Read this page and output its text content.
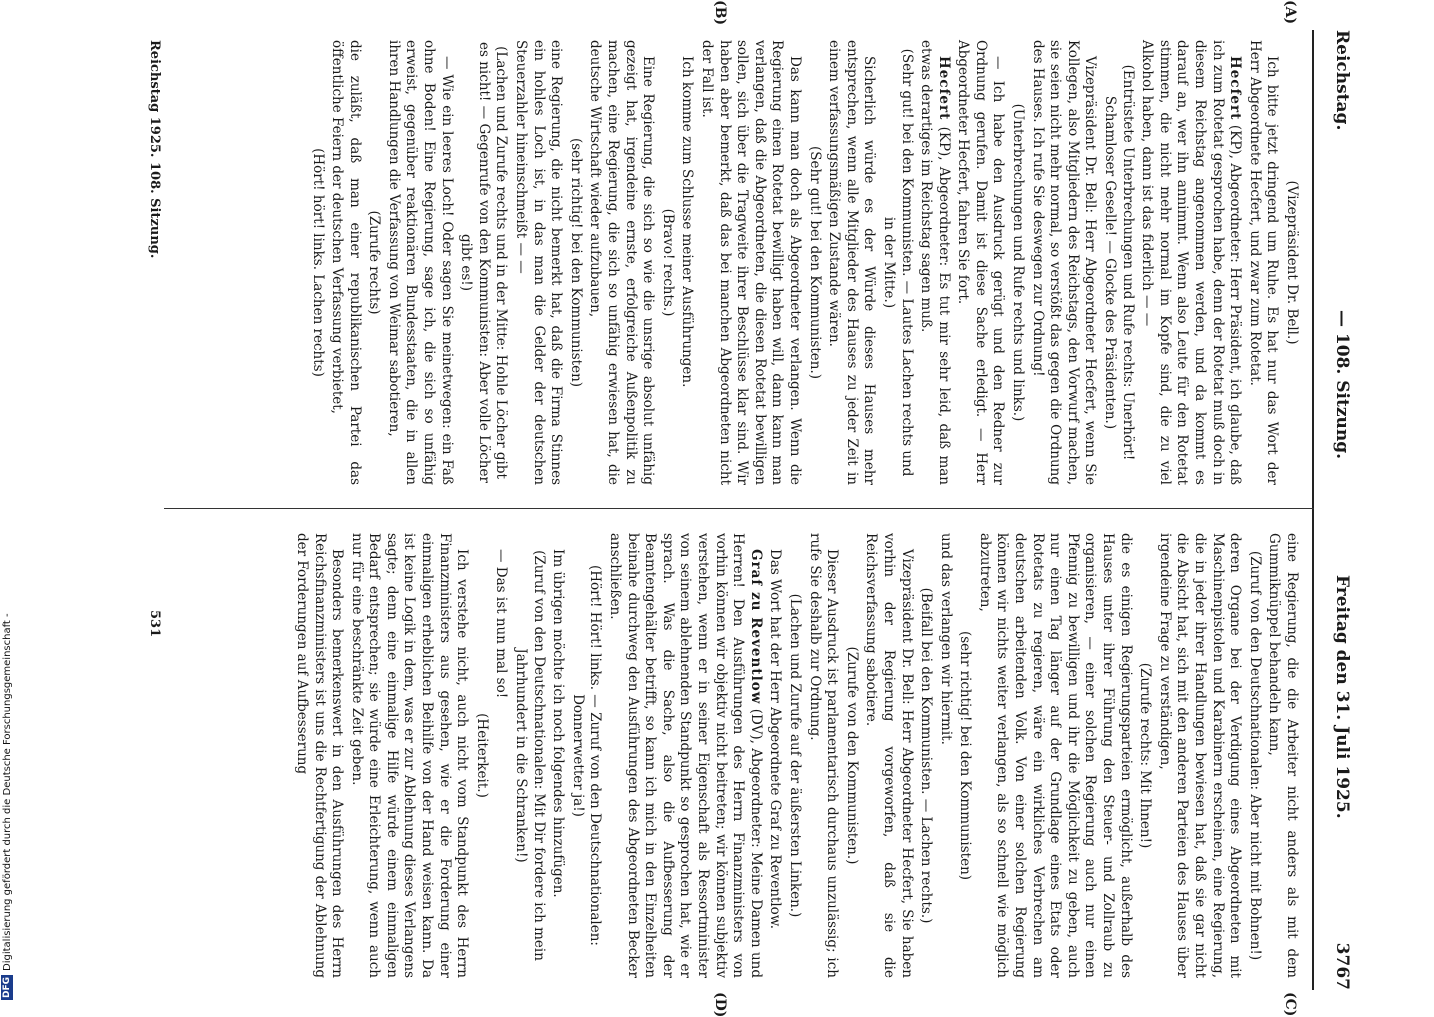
Reichstag.
— 108. Sitzung.
Freitag den 31. Juli 1925.
3767
(A)
(B)
(C)
(D)

(Vizepräsident Dr. Bell.)

Ich bitte jetzt dringend um Ruhe. Es hat nur das Wort der Herr Abgeordnete Hecfert, und zwar zum Rotetat.

Hecfert (KP), Abgeordneter: Herr Präsident, ich glaube, daß ich zum Rotetat gesprochen habe, denn der Rotetat muß doch in diesem Reichstag angenommen werden, und da kommt es darauf an, wer ihn annimmt. Wenn also Leute für den Rotetat stimmen, die nicht mehr normal im Kopfe sind, die zu viel Alkohol haben, dann ist das fiderlich — —

(Entrüstete Unterbrechungen und Rufe rechts: Unerhört! Schamloser Geselle! — Glocke des Präsidenten.)

Vizepräsident Dr. Bell: Herr Abgeordneter Hecfert, wenn Sie Kollegen, also Mitgliedern des Reichstags, den Vorwurf machen, sie seien nicht mehr normal, so verstößt das gegen die Ordnung des Hauses. Ich rufe Sie deswegen zur Ordnung!

(Unterbrechungen und Rufe rechts und links.)

— Ich habe den Ausdruck gerügt und den Redner zur Ordnung gerufen. Damit ist diese Sache erledigt. — Herr Abgeordneter Hecfert, fahren Sie fort.

Hecfert (KP), Abgeordneter: Es tut mir sehr leid, daß man etwas derartiges im Reichstag sagen muß.

(Sehr gut! bei den Kommunisten. — Lautes Lachen rechts und in der Mitte.)

Sicherlich würde es der Würde dieses Hauses mehr entsprechen, wenn alle Mitglieder des Hauses zu jeder Zeit in einem verfassungsmäßigen Zustande wären.

(Sehr gut! bei den Kommunisten.)

Das kann man doch als Abgeordneter verlangen. Wenn die Regierung einen Rotetat bewilligt haben will, dann kann man verlangen, daß die Abgeordneten, die diesen Rotetat bewilligen sollen, sich über die Tragweite ihrer Beschlüsse klar sind. Wir haben aber bemerkt, daß das bei manchen Abgeordneten nicht der Fall ist.

Ich komme zum Schlusse meiner Ausführungen.

(Bravo! rechts.)

Eine Regierung, die sich so wie die unsrige absolut unfähig gezeigt hat, irgendeine ernste, erfolgreiche Außenpolitik zu machen, eine Regierung, die sich so unfähig erwiesen hat, die deutsche Wirtschaft wieder aufzubauen,

(sehr richtig! bei den Kommunisten)

eine Regierung, die nicht bemerkt hat, daß die Firma Stinnes ein hohles Loch ist, in das man die Gelder der deutschen Steuerzahler hineinschmeißt — —

(Lachen und Zurufe rechts und in der Mitte: Hohle Löcher gibt es nicht! — Gegenrufe von den Kommunisten: Aber volle Löcher gibt es!)

— Wie ein leeres Loch! Oder sagen Sie meinetwegen: ein Faß ohne Boden! Eine Regierung, sage ich, die sich so unfähig erweist, gegenüber reaktionären Bundesstaaten, die in allen ihren Handlungen die Verfassung von Weimar sabotieren,

(Zurufe rechts)

die zuläßt, daß man einer republikanischen Partei das öffentliche Feiern der deutschen Verfassung verbietet,

(Hört! hört! links. Lachen rechts)

eine Regierung, die die Arbeiter nicht anders als mit dem Gummiknüppel behandeln kann,

(Zuruf von den Deutschnationalen: Aber nicht mit Bohnen!)

deren Organe bei der Verdigung eines Abgeordneten mit Maschinenpistolen und Karabinern erscheinen, eine Regierung, die in jeder ihrer Handlungen bewiesen hat, daß sie gar nicht die Absicht hat, sich mit den anderen Parteien des Hauses über irgendeine Frage zu verständigen,

(Zurufe rechts: Mit Ihnen!)

die es einigen Regierungsparteien ermöglicht, außerhalb des Hauses unter ihrer Führung den Steuer- und Zollraub zu organisieren, — einer solchen Regierung auch nur einen Pfennig zu bewilligen und ihr die Möglichkeit zu geben, auch nur einen Tag länger auf der Grundlage eines Etats oder Rotetats zu regieren, wäre ein wirkliches Verbrechen am deutschen arbeitenden Volk. Von einer solchen Regierung können wir nichts weiter verlangen, als so schnell wie möglich abzutreten,

(sehr richtig! bei den Kommunisten)

und das verlangen wir hiermit.

(Beifall bei den Kommunisten. — Lachen rechts.)

Vizepräsident Dr. Bell: Herr Abgeordneter Hecfert, Sie haben vorhin der Regierung vorgeworfen, daß sie die Reichsverfassung sabotiere.

(Zurufe von den Kommunisten.)

Dieser Ausdruck ist parlamentarisch durchaus unzulässig; ich rufe Sie deshalb zur Ordnung.

(Lachen und Zurufe auf der äußersten Linken.)

Das Wort hat der Herr Abgeordnete Graf zu Reventlow.

Graf zu Reventlow (DV), Abgeordneter: Meine Damen und Herren! Den Ausführungen des Herrn Finanzministers von vorhin können wir objektiv nicht beitreten; wir können subjektiv verstehen, wenn er in seiner Eigenschaft als Ressortminister von seinem ablehnenden Standpunkt so gesprochen hat, wie er sprach. Was die Sache, also die Aufbesserung der Beamtengehälter betrifft, so kann ich mich in den Einzelheiten beinahe durchweg den Ausführungen des Abgeordneten Becker anschließen.

(Hört! Hört! links. — Zuruf von den Deutschnationalen: Donnerwetter ja!)

Im übrigen möchte ich noch folgendes hinzufügen.

(Zuruf von den Deutschnationalen: Mit Dir fordere ich mein Jahrhundert in die Schranken!)

— Das ist nun mal so!

(Heiterkeit.)

Ich verstehe nicht, auch nicht vom Standpunkt des Herrn Finanzministers aus gesehen, wie er die Forderung einer einmaligen erheblichen Beihilfe von der Hand weisen kann. Da ist keine Logik in dem, was er zur Ablehnung dieses Verlangens sagte; denn eine einmalige Hilfe würde einem einmaligen Bedarf entsprechen; sie würde eine Erleichterung, wenn auch nur für eine beschränkte Zeit geben.

Besonders bemerkenswert in den Ausführungen des Herrn Reichsfinanzministers ist uns die Rechtfertigung der Ablehnung der Forderungen auf Aufbesserung

Reichstag 1925. 108. Sitzung.
531
DFGDigitalisierung gefördert durch die Deutsche Forschungsgemeinschaft -
